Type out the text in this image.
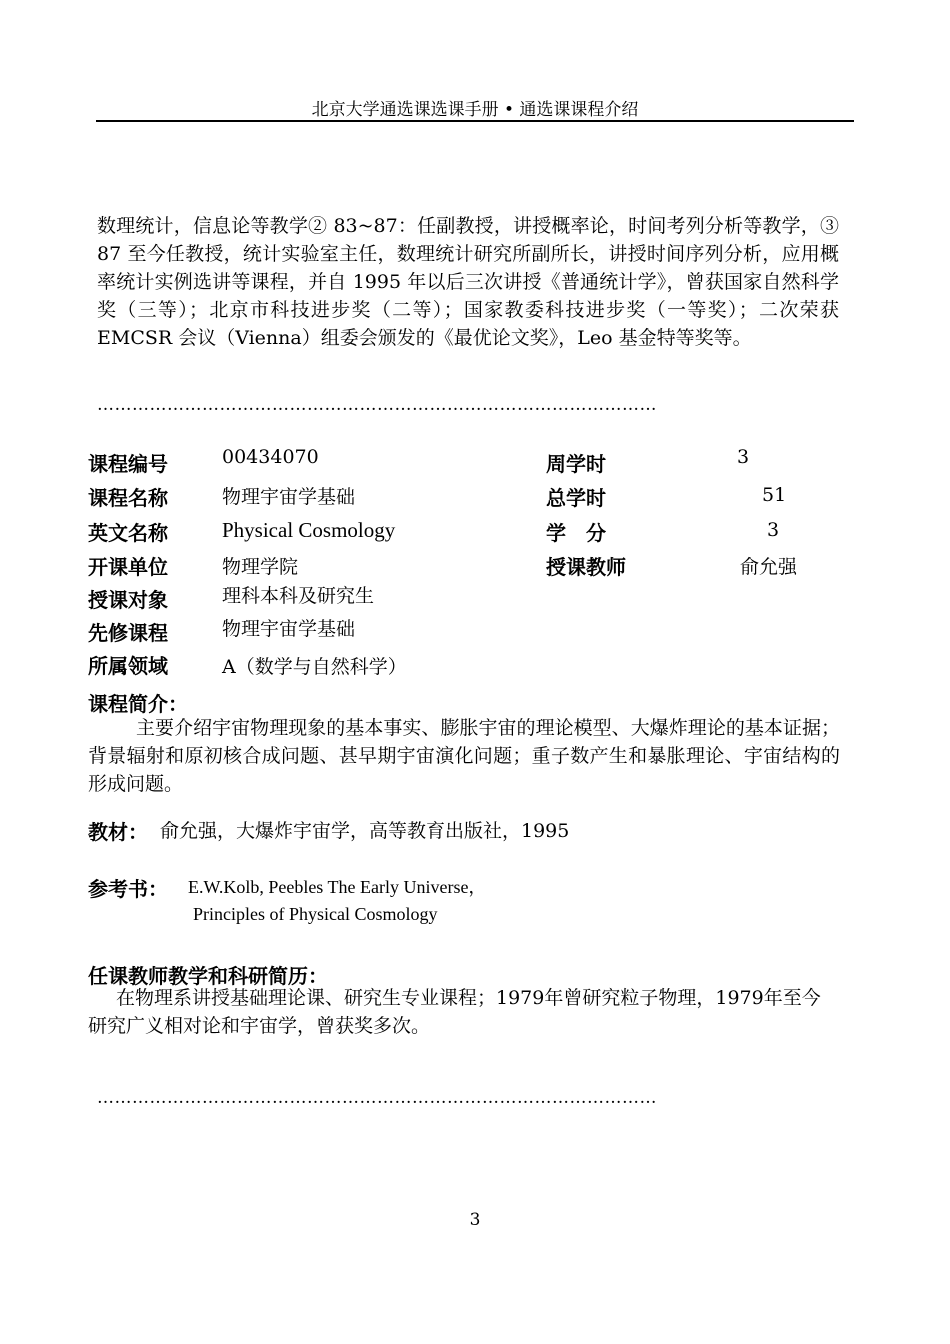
北京大学通选课选课手册 • 通选课课程介绍
数理统计，信息论等教学② 83~87：任副教授，讲授概率论，时间考列分析等教学，③ 87 至今任教授，统计实验室主任，数理统计研究所副所长，讲授时间序列分析，应用概率统计实例选讲等课程，并自 1995 年以后三次讲授《普通统计学》，曾获国家自然科学奖（三等）；北京市科技进步奖（二等）；国家教委科技进步奖（一等奖）；二次荣获 EMCSR 会议（Vienna）组委会颁发的《最优论文奖》，Leo 基金特等奖等。
……………………………………………………………………………………
课程编号	00434070	周学时	3
课程名称	物理宇宙学基础	总学时	51
英文名称	Physical Cosmology	学　分	3
开课单位	物理学院	授课教师	俞允强
授课对象	理科本科及研究生
先修课程	物理宇宙学基础
所属领域	A（数学与自然科学）
课程简介：
主要介绍宇宙物理现象的基本事实、膨胀宇宙的理论模型、大爆炸理论的基本证据；背景辐射和原初核合成问题、甚早期宇宙演化问题；重子数产生和暴胀理论、宇宙结构的形成问题。
教材： 俞允强，大爆炸宇宙学，高等教育出版社，1995
参考书： E.W.Kolb, Peebles The Early Universe，
Principles of Physical Cosmology
任课教师教学和科研简历：
在物理系讲授基础理论课、研究生专业课程；1979年曾研究粒子物理，1979年至今研究广义相对论和宇宙学，曾获奖多次。
……………………………………………………………………………………
3
